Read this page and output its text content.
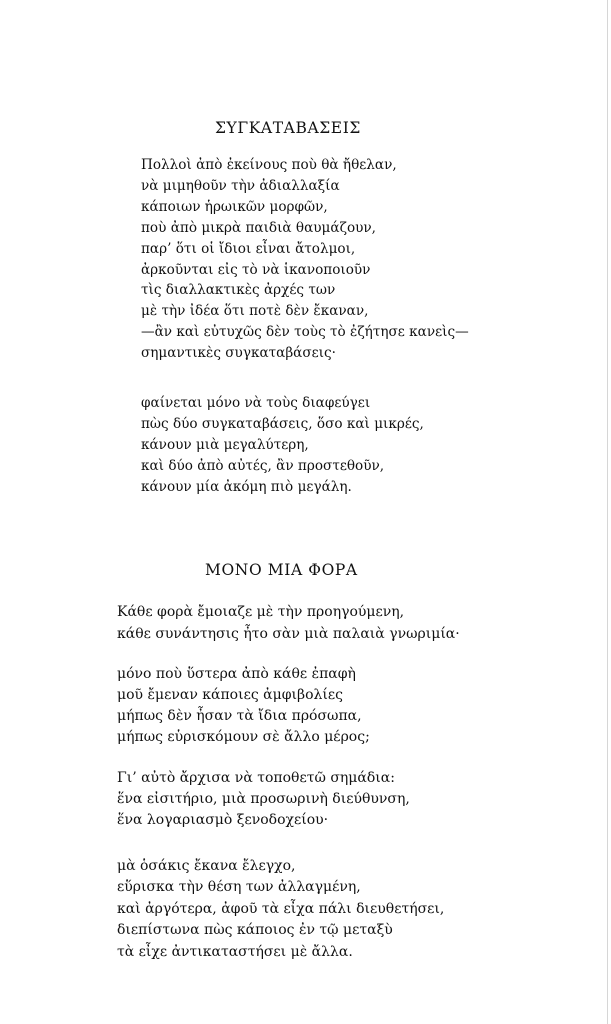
ΣΥΓΚΑΤΑΒΑΣΕΙΣ
Πολλοὶ ἀπὸ ἐκείνους ποὺ θὰ ἤθελαν,
νὰ μιμηθοῦν τὴν ἀδιαλλαξία
κάποιων ἡρωικῶν μορφῶν,
ποὺ ἀπὸ μικρὰ παιδιὰ θαυμάζουν,
παρ’ ὅτι οἱ ἴδιοι εἶναι ἄτολμοι,
ἀρκοῦνται εἰς τὸ νὰ ἱκανοποιοῦν
τὶς διαλλακτικὲς ἀρχές των
μὲ τὴν ἰδέα ὅτι ποτὲ δὲν ἔκαναν,
—ἂν καὶ εὐτυχῶς δὲν τοὺς τὸ ἐζήτησε κανεὶς—
σημαντικὲς συγκαταβάσεις·
φαίνεται μόνο νὰ τοὺς διαφεύγει
πὼς δύο συγκαταβάσεις, ὅσο καὶ μικρές,
κάνουν μιὰ μεγαλύτερη,
καὶ δύο ἀπὸ αὐτές, ἂν προστεθοῦν,
κάνουν μία ἀκόμη πιὸ μεγάλη.
ΜΟΝΟ ΜΙΑ ΦΟΡΑ
Κάθε φορὰ ἔμοιαζε μὲ τὴν προηγούμενη,
κάθε συνάντησις ἦτο σὰν μιὰ παλαιὰ γνωριμία·
μόνο ποὺ ὕστερα ἀπὸ κάθε ἐπαφὴ
μοῦ ἔμεναν κάποιες ἀμφιβολίες
μήπως δὲν ἦσαν τὰ ἴδια πρόσωπα,
μήπως εὑρισκόμουν σὲ ἄλλο μέρος;
Γι’ αὐτὸ ἄρχισα νὰ τοποθετῶ σημάδια:
ἕνα εἰσιτήριο, μιὰ προσωρινὴ διεύθυνση,
ἕνα λογαριασμὸ ξενοδοχείου·
μὰ ὁσάκις ἔκανα ἔλεγχο,
εὕρισκα τὴν θέση των ἀλλαγμένη,
καὶ ἀργότερα, ἀφοῦ τὰ εἶχα πάλι διευθετήσει,
διεπίστωνα πὼς κάποιος ἐν τῷ μεταξὺ
τὰ εἶχε ἀντικαταστήσει μὲ ἄλλα.
